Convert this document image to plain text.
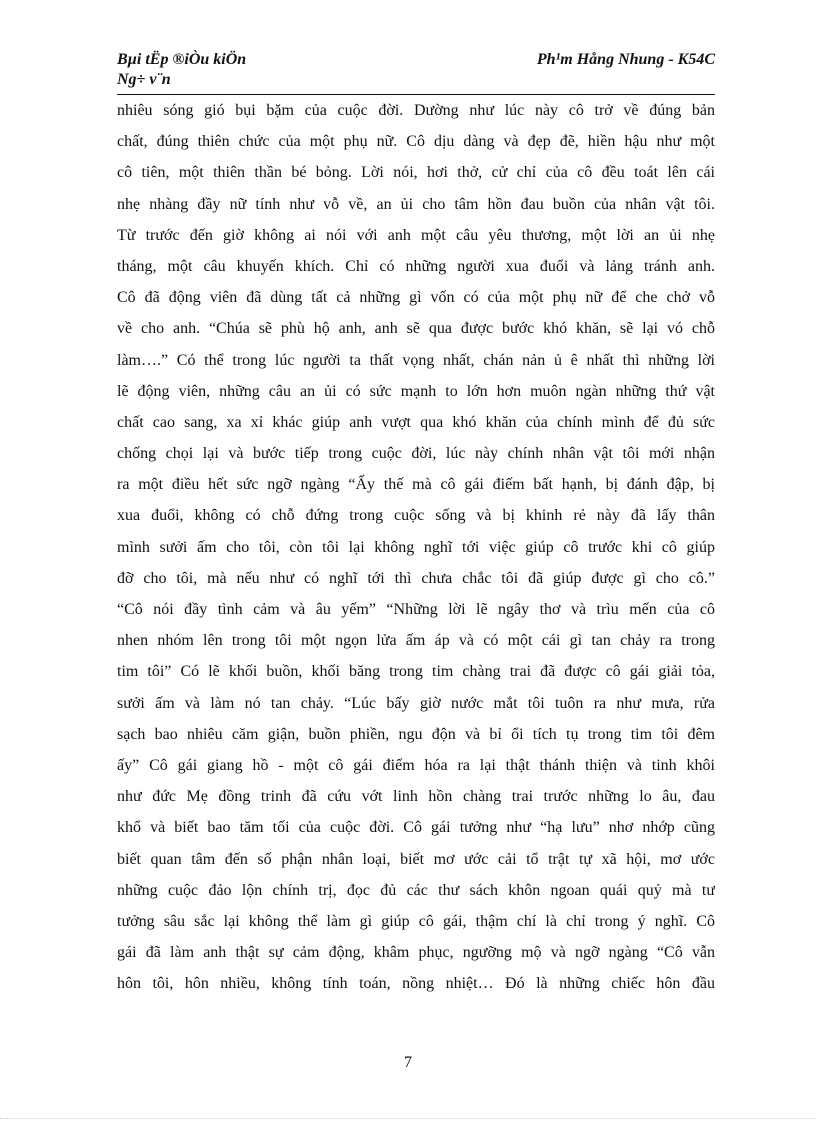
Bµi tËp ®iÒu kiÖn
Ng÷ v¨n
Ph¹m Hång Nhung - K54C
nhiêu sóng gió bụi bặm của cuộc đời. Dường như lúc này cô trở về đúng bản
chất, đúng thiên chức của một phụ nữ. Cô dịu dàng và đẹp đẽ, hiền hậu như một
cô tiên, một thiên thần bé bỏng. Lời nói, hơi thở, cử chỉ của cô đều toát lên cái
nhẹ nhàng đầy nữ tính như vỗ về, an ủi cho tâm hồn đau buồn của nhân vật tôi.
Từ trước đến giờ không ai nói với anh một câu yêu thương, một lời an ủi nhẹ
tháng, một câu khuyến khích. Chỉ có những người xua đuổi và lảng tránh anh.
Cô đã động viên đã dùng tất cả những gì vốn có của một phụ nữ để che chở vỗ
về cho anh. “Chúa sẽ phù hộ anh, anh sẽ qua được bước khó khăn, sẽ lại vó chỗ
làm….” Có thể trong lúc người ta thất vọng nhất, chán nản ủ ê nhất thì những lời
lẽ động viên, những câu an ủi có sức mạnh to lớn hơn muôn ngàn những thứ vật
chất cao sang, xa xỉ khác giúp anh vượt qua khó khăn của chính mình để đủ sức
chống chọi lại và bước tiếp trong cuộc đời, lúc này chính nhân vật tôi mới nhận
ra một điều hết sức ngỡ ngàng “Ấy thế mà cô gái điếm bất hạnh, bị đánh đập, bị
xua đuổi, không có chỗ đứng trong cuộc sống và bị khinh rẻ này đã lấy thân
mình sưởi ấm cho tôi, còn tôi lại không nghĩ tới việc giúp cô trước khi cô giúp
đỡ cho tôi, mà nếu như có nghĩ tới thì chưa chắc tôi đã giúp được gì cho cô.”
“Cô nói đầy tình cảm và âu yếm” “Những lời lẽ ngây thơ và trìu mến của cô
nhen nhóm lên trong tôi một ngọn lửa ấm áp và có một cái gì tan chảy ra trong
tim tôi” Có lẽ khối buồn, khối băng trong tim chàng trai đã được cô gái giải tỏa,
sưởi ấm và làm nó tan chảy. “Lúc bấy giờ nước mắt tôi tuôn ra như mưa, rửa
sạch bao nhiêu căm giận, buồn phiền, ngu độn và bỉ ổi tích tụ trong tim tôi đêm
ấy” Cô gái giang hồ - một cô gái điếm hóa ra lại thật thánh thiện và tinh khôi
như đức Mẹ đồng trinh đã cứu vớt linh hồn chàng trai trước những lo âu, đau
khổ và biết bao tăm tối của cuộc đời. Cô gái tưởng như “hạ lưu” nhơ nhớp cũng
biết quan tâm đến số phận nhân loại, biết mơ ước cải tổ trật tự xã hội, mơ ước
những cuộc đảo lộn chính trị, đọc đủ các thư sách khôn ngoan quái quỷ mà tư
tưởng sâu sắc lại không thể làm gì giúp cô gái, thậm chí là chỉ trong ý nghĩ. Cô
gái đã làm anh thật sự cảm động, khâm phục, ngưỡng mộ và ngỡ ngàng “Cô vẫn
hôn tôi, hôn nhiều, không tính toán, nồng nhiệt… Đó là những chiếc hôn đầu
7
